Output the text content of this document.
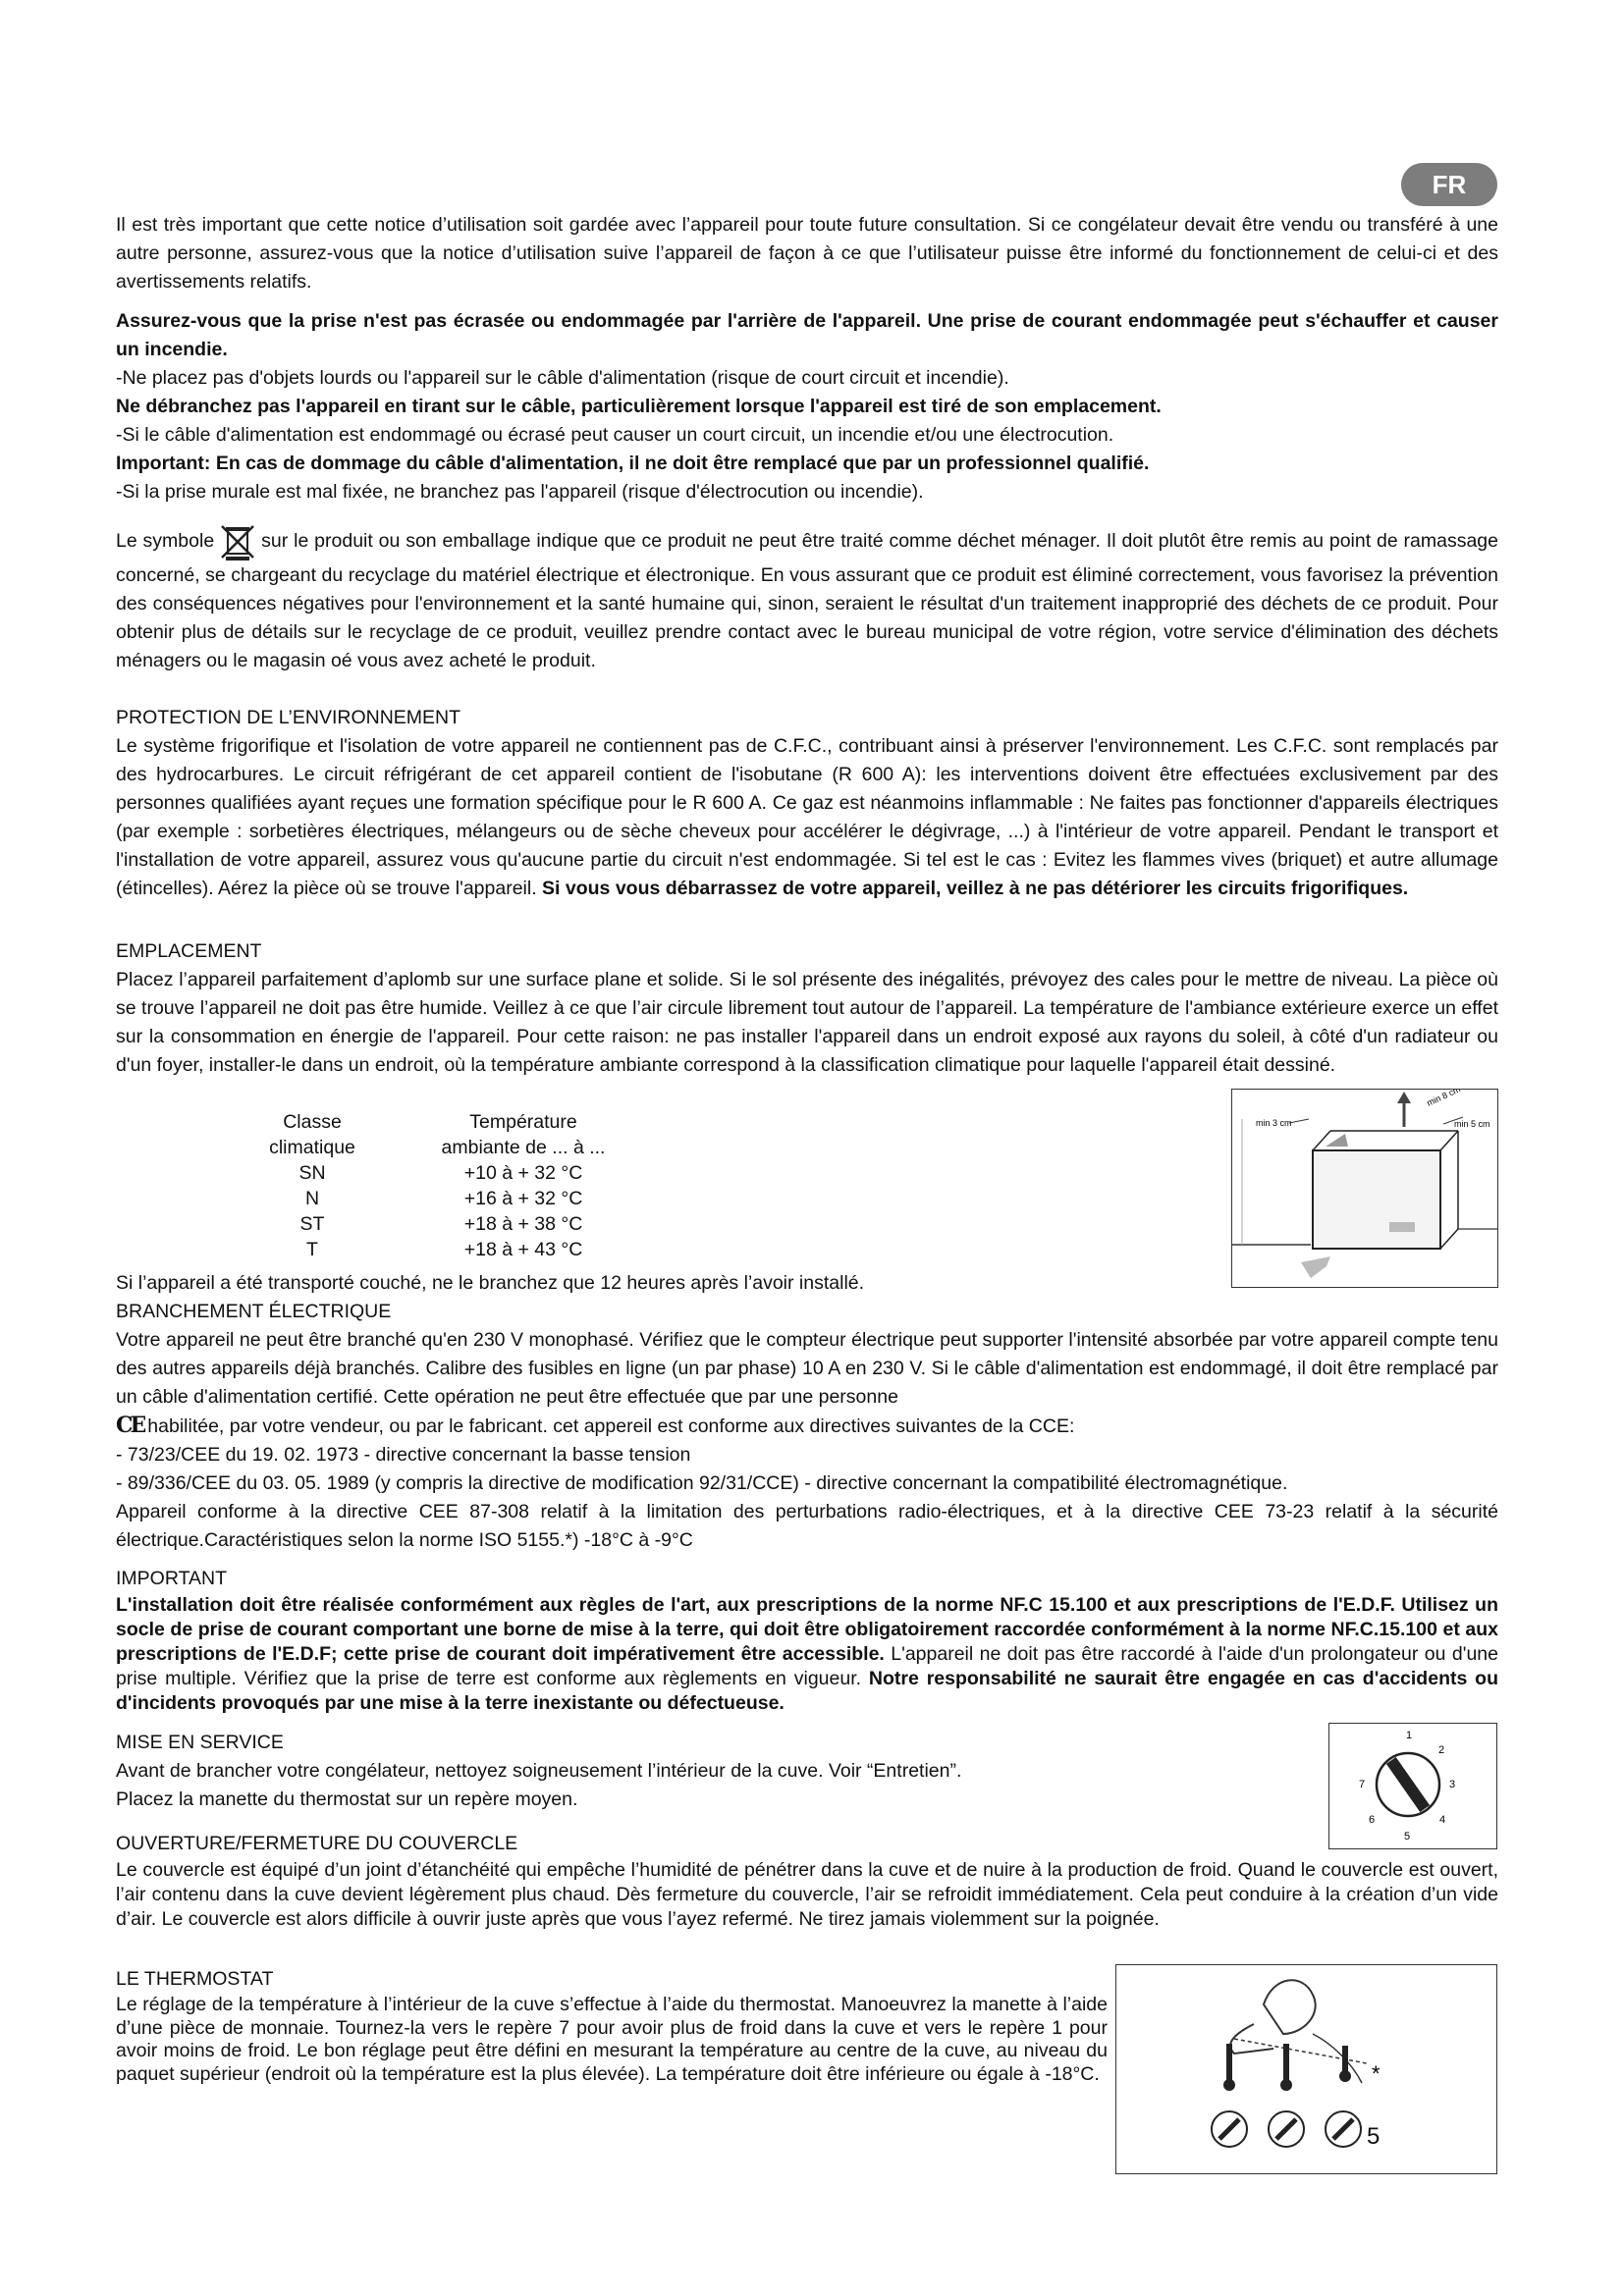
FR

Il est très important que cette notice d’utilisation soit gardée avec l’appareil pour toute future consultation. Si ce congélateur devait être vendu ou transféré à une autre personne, assurez-vous que la notice d’utilisation suive l’appareil de façon à ce que l’utilisateur puisse être informé du fonctionnement de celui-ci et des avertissements relatifs.

Assurez-vous que la prise n'est pas écrasée ou endommagée par l'arrière de l'appareil. Une prise de courant endommagée peut s'échauffer et causer un incendie.

-Ne placez pas d'objets lourds ou l'appareil sur le câble d'alimentation (risque de court circuit et incendie).

Ne débranchez pas l'appareil en tirant sur le câble, particulièrement lorsque l'appareil est tiré de son emplacement.

-Si le câble d'alimentation est endommagé ou écrasé peut causer un court circuit, un incendie et/ou une électrocution.

Important: En cas de dommage du câble d'alimentation, il ne doit être remplacé que par un professionnel qualifié.

-Si la prise murale est mal fixée, ne branchez pas l'appareil (risque d'électrocution ou incendie).

Le symbole sur le produit ou son emballage indique que ce produit ne peut être traité comme déchet ménager. Il doit plutôt être remis au point de ramassage concerné, se chargeant du recyclage du matériel électrique et électronique. En vous assurant que ce produit est éliminé correctement, vous favorisez la prévention des conséquences négatives pour l'environnement et la santé humaine qui, sinon, seraient le résultat d'un traitement inapproprié des déchets de ce produit. Pour obtenir plus de détails sur le recyclage de ce produit, veuillez prendre contact avec le bureau municipal de votre région, votre service d'élimination des déchets ménagers ou le magasin oé vous avez acheté le produit.

PROTECTION DE L’ENVIRONNEMENT

Le système frigorifique et l'isolation de votre appareil ne contiennent pas de C.F.C., contribuant ainsi à préserver l'environnement. Les C.F.C. sont remplacés par des hydrocarbures. Le circuit réfrigérant de cet appareil contient de l'isobutane (R 600 A): les interventions doivent être effectuées exclusivement par des personnes qualifiées ayant reçues une formation spécifique pour le R 600 A. Ce gaz est néanmoins inflammable : Ne faites pas fonctionner d'appareils électriques (par exemple : sorbetières électriques, mélangeurs ou de sèche cheveux pour accélérer le dégivrage, ...) à l'intérieur de votre appareil. Pendant le transport et l'installation de votre appareil, assurez vous qu'aucune partie du circuit n'est endommagée. Si tel est le cas : Evitez les flammes vives (briquet) et autre allumage (étincelles). Aérez la pièce où se trouve l'appareil. Si vous vous débarrassez de votre appareil, veillez à ne pas détériorer les circuits frigorifiques.

EMPLACEMENT

Placez l’appareil parfaitement d’aplomb sur une surface plane et solide. Si le sol présente des inégalités, prévoyez des cales pour le mettre de niveau. La pièce où se trouve l’appareil ne doit pas être humide. Veillez à ce que l’air circule librement tout autour de l’appareil. La température de l'ambiance extérieure exerce un effet sur la consommation en énergie de l'appareil. Pour cette raison: ne pas installer l'appareil dans un endroit exposé aux rayons du soleil, à côté d'un radiateur ou d'un foyer, installer-le dans un endroit, où la température ambiante correspond à la classification climatique pour laquelle l'appareil était dessiné.

Classe	Température
climatique	ambiante de ... à ...
SN	+10 à + 32 °C
N	+16 à + 32 °C
ST	+18 à + 38 °C
T	+18 à + 43 °C

Si l’appareil a été transporté couché, ne le branchez que 12 heures après l’avoir installé.

min 3 cm
min 8 cm
min 5 cm
BRANCHEMENT ÉLECTRIQUE

Votre appareil ne peut être branché qu'en 230 V monophasé. Vérifiez que le compteur électrique peut supporter l'intensité absorbée par votre appareil compte tenu des autres appareils déjà branchés. Calibre des fusibles en ligne (un par phase) 10 A en 230 V. Si le câble d'alimentation est endommagé, il doit être remplacé par un câble d'alimentation certifié. Cette opération ne peut être effectuée que par une personne

CE habilitée, par votre vendeur, ou par le fabricant. cet appereil est conforme aux directives suivantes de la CCE:

- 73/23/CEE du 19. 02. 1973 - directive concernant la basse tension

- 89/336/CEE du 03. 05. 1989 (y compris la directive de modification 92/31/CCE) - directive concernant la compatibilité électromagnétique.

Appareil conforme à la directive CEE 87-308 relatif à la limitation des perturbations radio-électriques, et à la directive CEE 73-23 relatif à la sécurité électrique.Caractéristiques selon la norme ISO 5155.*) -18°C à -9°C

IMPORTANT

L'installation doit être réalisée conformément aux règles de l'art, aux prescriptions de la norme NF.C 15.100 et aux prescriptions de l'E.D.F. Utilisez un socle de prise de courant comportant une borne de mise à la terre, qui doit être obligatoirement raccordée conformément à la norme NF.C.15.100 et aux prescriptions de l'E.D.F; cette prise de courant doit impérativement être accessible. L'appareil ne doit pas être raccordé à l'aide d'un prolongateur ou d'une prise multiple. Vérifiez que la prise de terre est conforme aux règlements en vigueur. Notre responsabilité ne saurait être engagée en cas d'accidents ou d'incidents provoqués par une mise à la terre inexistante ou défectueuse.

MISE EN SERVICE

Avant de brancher votre congélateur, nettoyez soigneusement l’intérieur de la cuve. Voir “Entretien”.

Placez la manette du thermostat sur un repère moyen.

1
2
3
4
5
6
7
OUVERTURE/FERMETURE DU COUVERCLE

Le couvercle est équipé d’un joint d’étanchéité qui empêche l’humidité de pénétrer dans la cuve et de nuire à la production de froid. Quand le couvercle est ouvert, l’air contenu dans la cuve devient légèrement plus chaud. Dès fermeture du couvercle, l’air se refroidit immédiatement. Cela peut conduire à la création d’un vide d’air. Le couvercle est alors difficile à ouvrir juste après que vous l’ayez refermé. Ne tirez jamais violemment sur la poignée.

LE THERMOSTAT

Le réglage de la température à l’intérieur de la cuve s’effectue à l’aide du thermostat. Manoeuvrez la manette à l’aide d’une pièce de monnaie. Tournez-la vers le repère 7 pour avoir plus de froid dans la cuve et vers le repère 1 pour avoir moins de froid. Le bon réglage peut être défini en mesurant la température au centre de la cuve, au niveau du paquet supérieur (endroit où la température est la plus élevée). La température doit être inférieure ou égale à -18°C.	*
5
